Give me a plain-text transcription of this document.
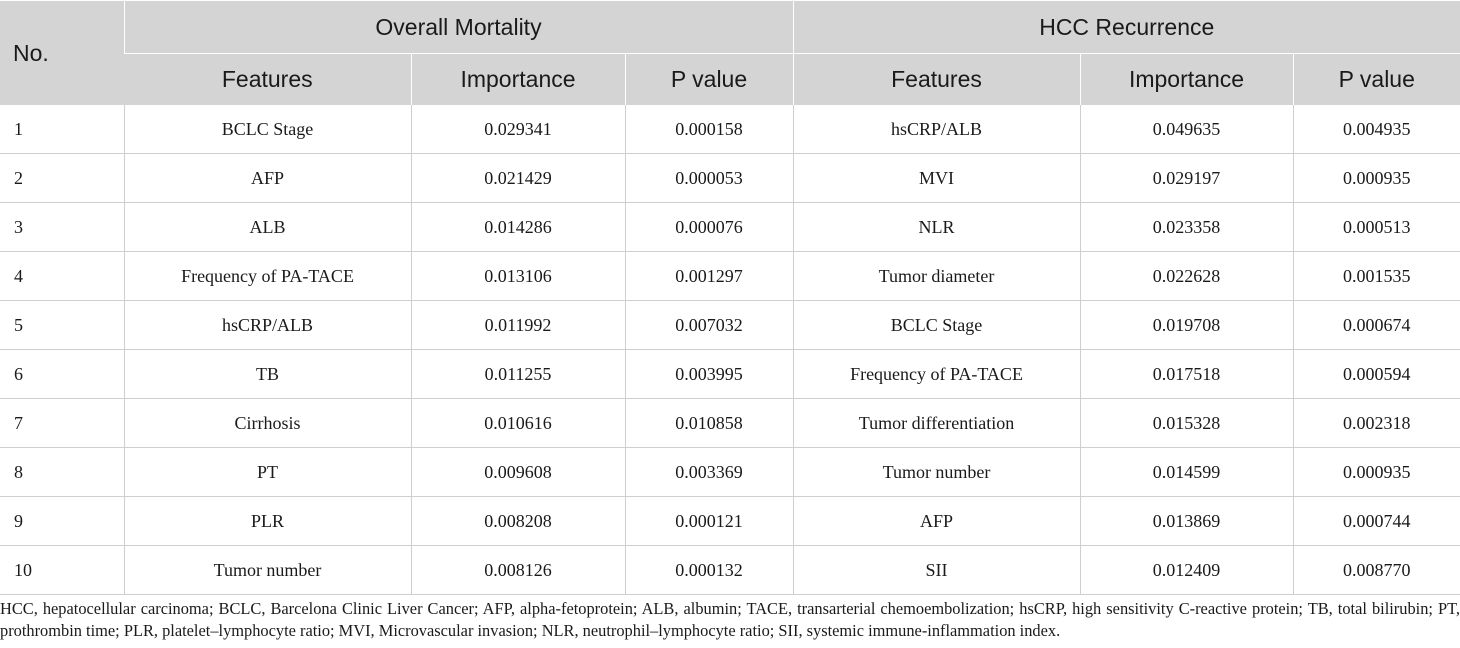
No.	Overall Mortality			HCC Recurrence		
	Features	Importance	P value	Features	Importance	P value
1	BCLC Stage	0.029341	0.000158	hsCRP/ALB	0.049635	0.004935
2	AFP	0.021429	0.000053	MVI	0.029197	0.000935
3	ALB	0.014286	0.000076	NLR	0.023358	0.000513
4	Frequency of PA-TACE	0.013106	0.001297	Tumor diameter	0.022628	0.001535
5	hsCRP/ALB	0.011992	0.007032	BCLC Stage	0.019708	0.000674
6	TB	0.011255	0.003995	Frequency of PA-TACE	0.017518	0.000594
7	Cirrhosis	0.010616	0.010858	Tumor differentiation	0.015328	0.002318
8	PT	0.009608	0.003369	Tumor number	0.014599	0.000935
9	PLR	0.008208	0.000121	AFP	0.013869	0.000744
10	Tumor number	0.008126	0.000132	SII	0.012409	0.008770
HCC, hepatocellular carcinoma; BCLC, Barcelona Clinic Liver Cancer; AFP, alpha-fetoprotein; ALB, albumin; TACE, transarterial chemoembolization; hsCRP, high sensitivity C-reactive protein; TB, total bilirubin; PT, prothrombin time; PLR, platelet–lymphocyte ratio; MVI, Microvascular invasion; NLR, neutrophil–lymphocyte ratio; SII, systemic immune-inflammation index.
